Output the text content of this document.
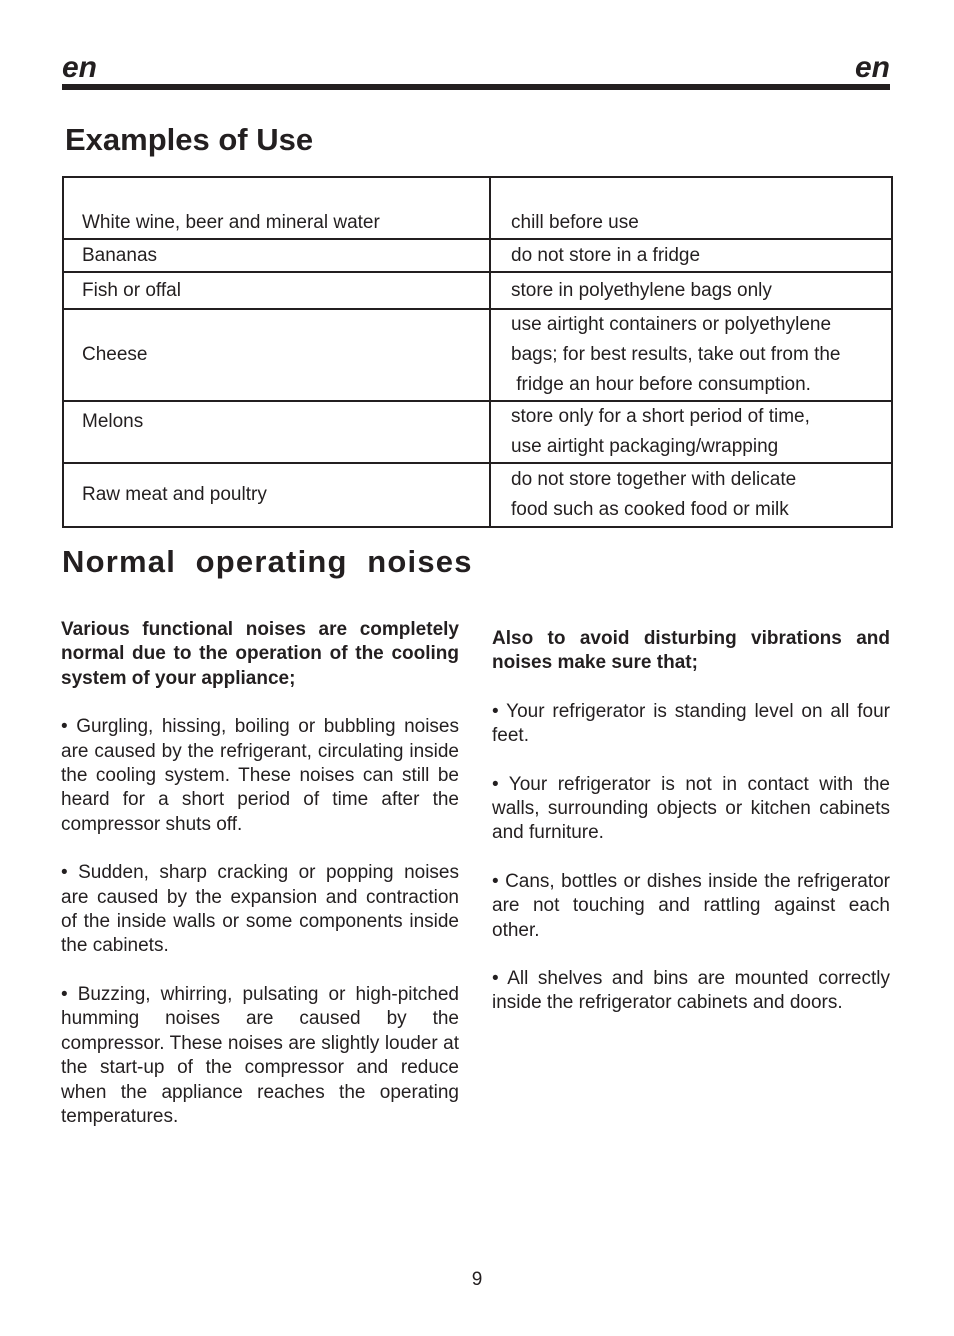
en	en
Examples of Use
White wine, beer and mineral water	chill before use

Bananas	do not store in a fridge

Fish or offal	store in polyethylene bags only

Cheese	use airtight containers or polyethylene
bags; for best results, take out from the
fridge an hour before consumption.

Melons	store only for a short period of time,
use airtight packaging/wrapping

Raw meat and poultry	do not store together with delicate
food such as cooked food or milk
Normal  operating  noises

Various functional noises are completely normal due to the operation of the cooling system of your appliance;

• Gurgling, hissing, boiling or bubbling noises are caused by the refrigerant, circulating inside the cooling system. These noises can still be heard for a short period of time after the compressor shuts off.

• Sudden, sharp cracking or popping noises are caused by the expansion and contraction of the inside walls or some components inside the cabinets.

• Buzzing, whirring, pulsating or high-pitched humming noises are caused by the compressor. These noises are slightly louder at the start-up of the compressor and reduce when the appliance reaches the operating temperatures.

Also to avoid disturbing vibrations and noises make sure that;

• Your refrigerator is standing level on all four feet.

• Your refrigerator is not in contact with the walls, surrounding objects or kitchen cabinets and furniture.

• Cans, bottles or dishes inside the refrigerator are not touching and rattling against each other.

• All shelves and bins are mounted correctly inside the refrigerator cabinets and doors.

9
